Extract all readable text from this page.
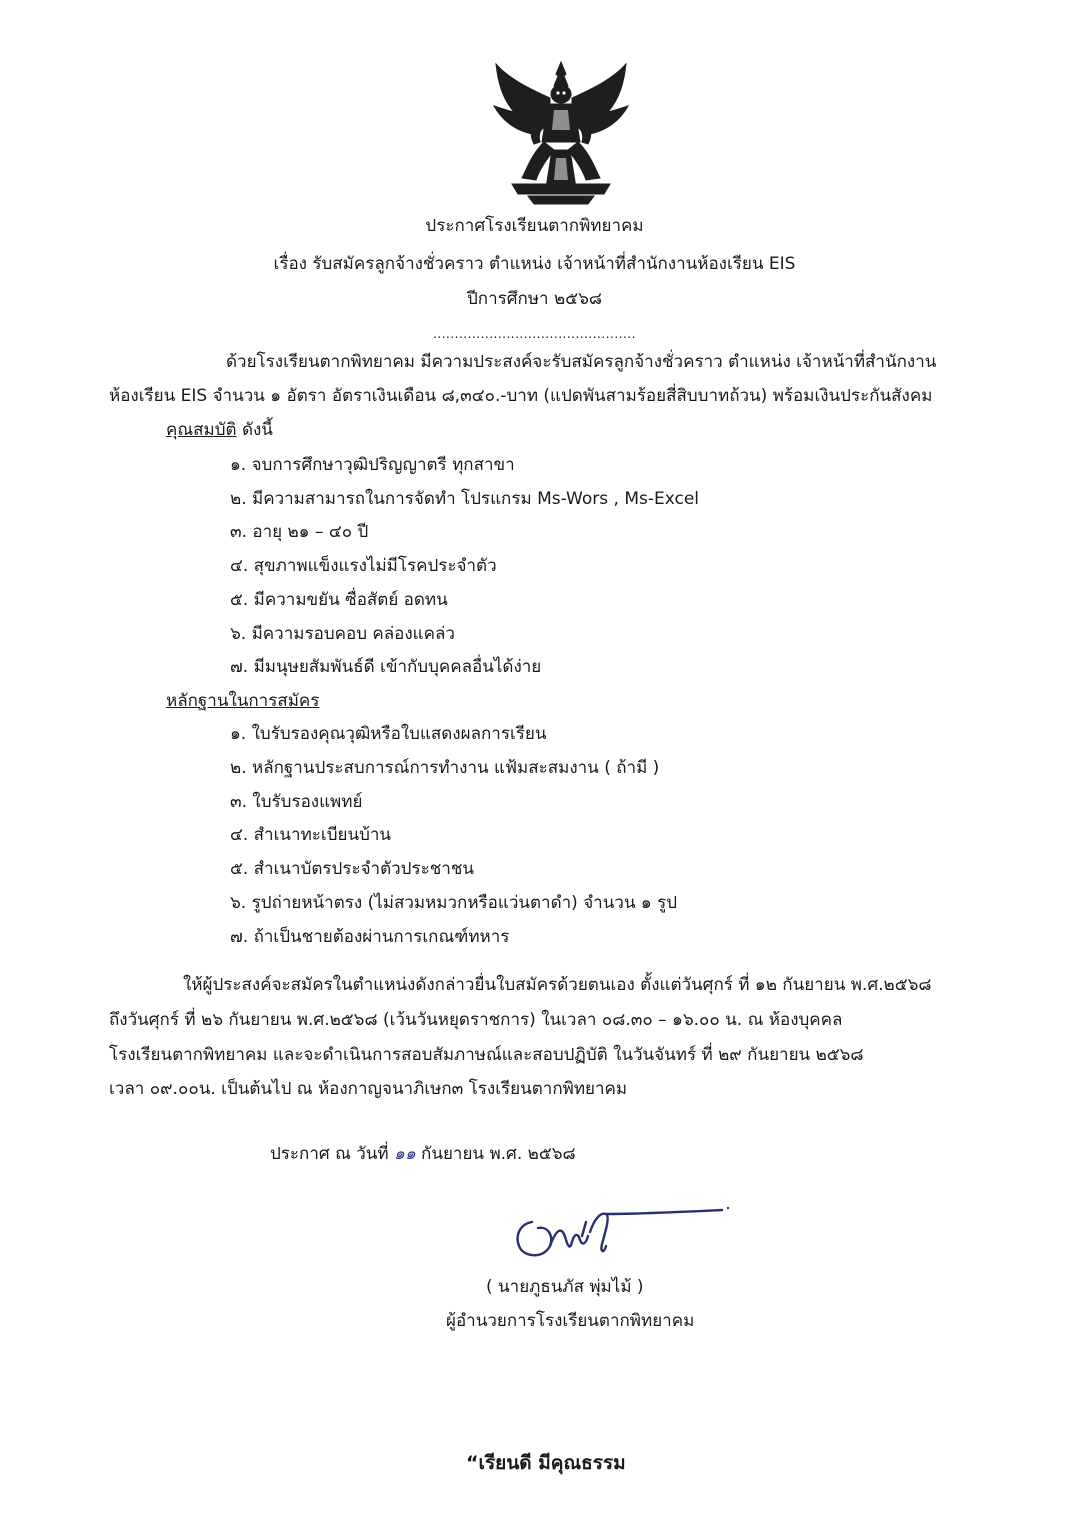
ประกาศโรงเรียนตากพิทยาคม
เรื่อง รับสมัครลูกจ้างชั่วคราว ตำแหน่ง เจ้าหน้าที่สำนักงานห้องเรียน EIS
ปีการศึกษา ๒๕๖๘
...............................................
ด้วยโรงเรียนตากพิทยาคม มีความประสงค์จะรับสมัครลูกจ้างชั่วคราว ตำแหน่ง เจ้าหน้าที่สำนักงาน
ห้องเรียน EIS จำนวน ๑ อัตรา อัตราเงินเดือน ๘,๓๔๐.-บาท (แปดพันสามร้อยสี่สิบบาทถ้วน) พร้อมเงินประกันสังคม
คุณสมบัติ ดังนี้
๑. จบการศึกษาวุฒิปริญญาตรี ทุกสาขา
๒. มีความสามารถในการจัดทำ โปรแกรม Ms-Wors , Ms-Excel
๓. อายุ ๒๑ – ๔๐ ปี
๔. สุขภาพแข็งแรงไม่มีโรคประจำตัว
๕. มีความขยัน ซื่อสัตย์ อดทน
๖. มีความรอบคอบ คล่องแคล่ว
๗. มีมนุษยสัมพันธ์ดี เข้ากับบุคคลอื่นได้ง่าย
หลักฐานในการสมัคร
๑. ใบรับรองคุณวุฒิหรือใบแสดงผลการเรียน
๒. หลักฐานประสบการณ์การทำงาน แฟ้มสะสมงาน ( ถ้ามี )
๓. ใบรับรองแพทย์
๔. สำเนาทะเบียนบ้าน
๕. สำเนาบัตรประจำตัวประชาชน
๖. รูปถ่ายหน้าตรง (ไม่สวมหมวกหรือแว่นตาดำ) จำนวน ๑ รูป
๗. ถ้าเป็นชายต้องผ่านการเกณฑ์ทหาร
ให้ผู้ประสงค์จะสมัครในตำแหน่งดังกล่าวยื่นใบสมัครด้วยตนเอง ตั้งแต่วันศุกร์ ที่ ๑๒ กันยายน พ.ศ.๒๕๖๘
ถึงวันศุกร์ ที่ ๒๖ กันยายน พ.ศ.๒๕๖๘ (เว้นวันหยุดราชการ) ในเวลา ๐๘.๓๐ – ๑๖.๐๐ น. ณ ห้องบุคคล
โรงเรียนตากพิทยาคม และจะดำเนินการสอบสัมภาษณ์และสอบปฏิบัติ ในวันจันทร์ ที่ ๒๙ กันยายน ๒๕๖๘
เวลา ๐๙.๐๐น. เป็นต้นไป ณ ห้องกาญจนาภิเษก๓ โรงเรียนตากพิทยาคม
ประกาศ ณ วันที่ ๑๑ กันยายน พ.ศ. ๒๕๖๘
( นายภูธนภัส พุ่มไม้ )
ผู้อำนวยการโรงเรียนตากพิทยาคม
“เรียนดี มีคุณธรรม
